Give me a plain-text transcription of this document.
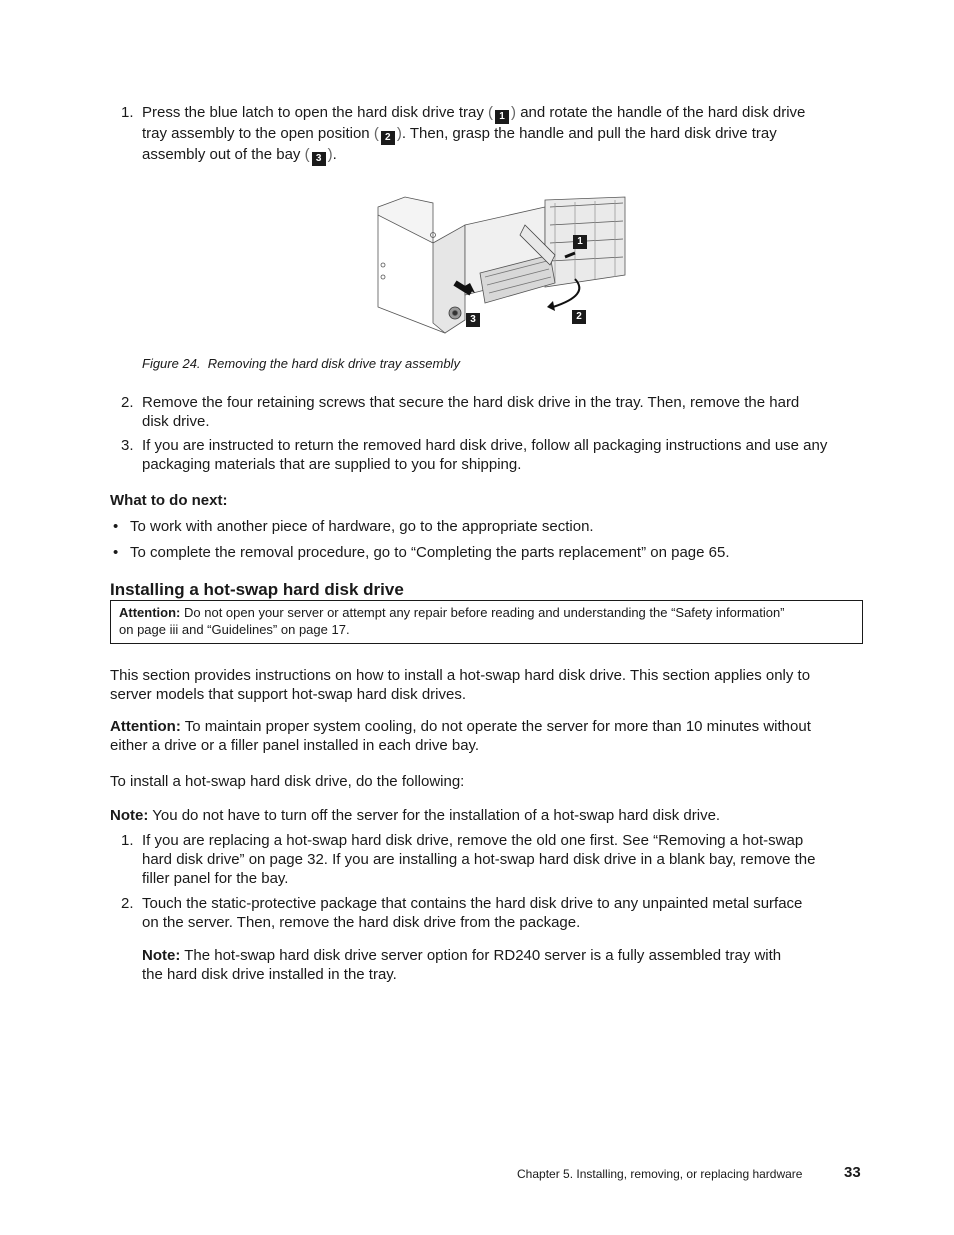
1. Press the blue latch to open the hard disk drive tray ( 1 ) and rotate the handle of the hard disk drive

tray assembly to the open position ( 2 ). Then, grasp the handle and pull the hard disk drive tray

assembly out of the bay ( 3 ).

1
2
3
Figure 24. Removing the hard disk drive tray assembly
2. Remove the four retaining screws that secure the hard disk drive in the tray. Then, remove the hard

disk drive.

3. If you are instructed to return the removed hard disk drive, follow all packaging instructions and use any

packaging materials that are supplied to you for shipping.

What to do next:
• To work with another piece of hardware, go to the appropriate section.

• To complete the removal procedure, go to “Completing the parts replacement” on page 65.

Installing a hot-swap hard disk drive
Attention: Do not open your server or attempt any repair before reading and understanding the “Safety information”
on page iii and “Guidelines” on page 17.

This section provides instructions on how to install a hot-swap hard disk drive. This section applies only to

server models that support hot-swap hard disk drives.

Attention: To maintain proper system cooling, do not operate the server for more than 10 minutes without

either a drive or a filler panel installed in each drive bay.

To install a hot-swap hard disk drive, do the following:
Note: You do not have to turn off the server for the installation of a hot-swap hard disk drive.
1. If you are replacing a hot-swap hard disk drive, remove the old one first. See “Removing a hot-swap

hard disk drive” on page 32. If you are installing a hot-swap hard disk drive in a blank bay, remove the

filler panel for the bay.

2. Touch the static-protective package that contains the hard disk drive to any unpainted metal surface

on the server. Then, remove the hard disk drive from the package.

Note: The hot-swap hard disk drive server option for RD240 server is a fully assembled tray with

the hard disk drive installed in the tray.

Chapter 5. Installing, removing, or replacing hardware	33
